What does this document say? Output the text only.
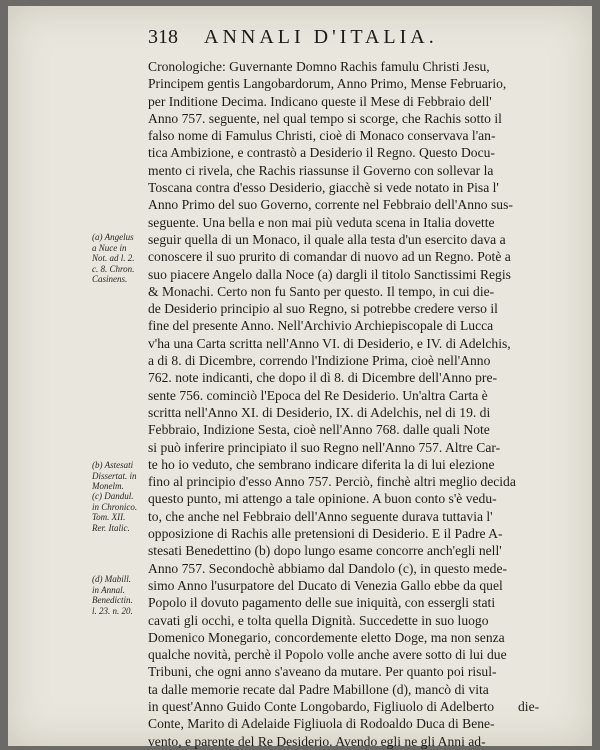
318 ANNALI D'ITALIA.
Cronologiche: Guvernante Domno Rachis famulu Christi Jesu,
Principem gentis Langobardorum, Anno Primo, Mense Februario,
per Inditione Decima. Indicano queste il Mese di Febbraio dell'
Anno 757. seguente, nel qual tempo si scorge, che Rachis sotto il
falso nome di Famulus Christi, cioè di Monaco conservava l'an-
tica Ambizione, e contrastò a Desiderio il Regno. Questo Docu-
mento ci rivela, che Rachis riassunse il Governo con sollevar la
Toscana contra d'esso Desiderio, giacchè si vede notato in Pisa l'
Anno Primo del suo Governo, corrente nel Febbraio dell'Anno sus-
seguente. Una bella e non mai più veduta scena in Italia dovette
seguir quella di un Monaco, il quale alla testa d'un esercito dava a
conoscere il suo prurito di comandar di nuovo ad un Regno. Potè a
suo piacere Angelo dalla Noce (a) dargli il titolo Sanctissimi Regis
& Monachi. Certo non fu Santo per questo. Il tempo, in cui die-
de Desiderio principio al suo Regno, si potrebbe credere verso il
fine del presente Anno. Nell'Archivio Archiepiscopale di Lucca
v'ha una Carta scritta nell'Anno VI. di Desiderio, e IV. di Adelchis,
a di 8. di Dicembre, correndo l'Indizione Prima, cioè nell'Anno
762. note indicanti, che dopo il dì 8. di Dicembre dell'Anno pre-
sente 756. cominciò l'Epoca del Re Desiderio. Un'altra Carta è
scritta nell'Anno XI. di Desiderio, IX. di Adelchis, nel di 19. di
Febbraio, Indizione Sesta, cioè nell'Anno 768. dalle quali Note
si può inferire principiato il suo Regno nell'Anno 757. Altre Car-
te ho io veduto, che sembrano indicare diferita la di lui elezione
fino al principio d'esso Anno 757. Perciò, finchè altri meglio decida
questo punto, mi attengo a tale opinione. A buon conto s'è vedu-
to, che anche nel Febbraio dell'Anno seguente durava tuttavia l'
opposizione di Rachis alle pretensioni di Desiderio. E il Padre A-
stesati Benedettino (b) dopo lungo esame concorre anch'egli nell'
Anno 757. Secondochè abbiamo dal Dandolo (c), in questo mede-
simo Anno l'usurpatore del Ducato di Venezia Gallo ebbe da quel
Popolo il dovuto pagamento delle sue iniquità, con essergli stati
cavati gli occhi, e tolta quella Dignità. Succedette in suo luogo
Domenico Monegario, concordemente eletto Doge, ma non senza
qualche novità, perchè il Popolo volle anche avere sotto di lui due
Tribuni, che ogni anno s'aveano da mutare. Per quanto poi risul-
ta dalle memorie recate dal Padre Mabillone (d), mancò di vita
in quest'Anno Guido Conte Longobardo, Figliuolo di Adelberto
Conte, Marito di Adelaide Figliuola di Rodoaldo Duca di Bene-
vento, e parente del Re Desiderio. Avendo egli ne gli Anni ad-
(a) Angelus
a Nuce in
Not. ad l. 2.
c. 8. Chron.
Casinens.
(b) Astesati
Dissertat. in
Monelm.
(c) Dandul.
in Chronico.
Tom. XII.
Rer. Italic.
(d) Mabill.
in Annal.
Benedictin.
l. 23. n. 20.
die-
